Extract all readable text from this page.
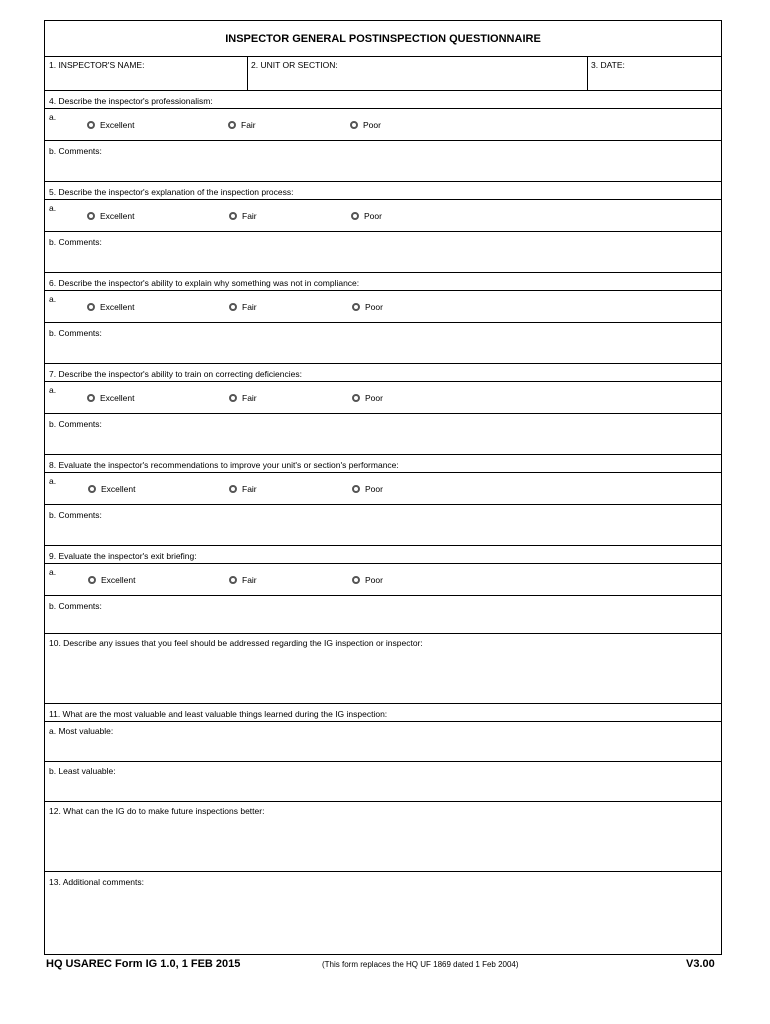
INSPECTOR GENERAL POSTINSPECTION QUESTIONNAIRE
1. INSPECTOR'S NAME:	2. UNIT OR SECTION:	3. DATE:
4. Describe the inspector's professionalism:
a.
Excellent	Fair	Poor
b. Comments:
5. Describe the inspector's explanation of the inspection process:
a.
Excellent	Fair	Poor
b. Comments:
6. Describe the inspector's ability to explain why something was not in compliance:
a.
Excellent	Fair	Poor
b. Comments:
7. Describe the inspector's ability to train on correcting deficiencies:
a.
Excellent	Fair	Poor
b. Comments:
8. Evaluate the inspector's recommendations to improve your unit's or section's performance:
a.
Excellent	Fair	Poor
b. Comments:
9. Evaluate the inspector's exit briefing:
a.
Excellent	Fair	Poor
b. Comments:
10. Describe any issues that you feel should be addressed regarding the IG inspection or inspector:
11. What are the most valuable and least valuable things learned during the IG inspection:
a. Most valuable:
b. Least valuable:
12. What can the IG do to make future inspections better:
13. Additional comments:
HQ USAREC Form IG 1.0, 1 FEB 2015	(This form replaces the HQ UF 1869 dated 1 Feb 2004)	V3.00
